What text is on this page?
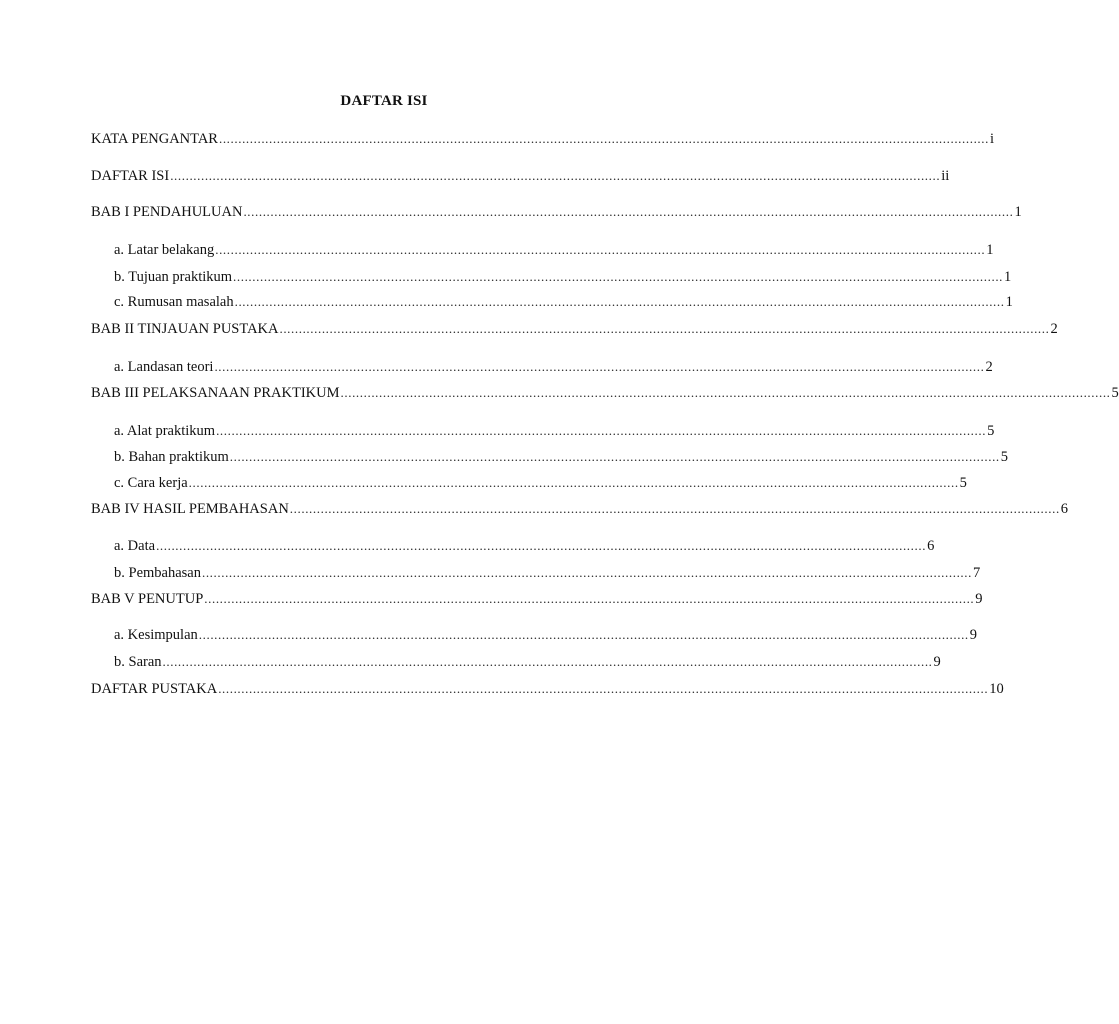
DAFTAR ISI
KATA PENGANTAR ........................................................................................................................................................................................................ i
DAFTAR ISI ........................................................................................................................................................................................................ ii
BAB I PENDAHULUAN ........................................................................................................................................................................................................ 1
a. Latar belakang ........................................................................................................................................................................................................ 1
b. Tujuan praktikum ........................................................................................................................................................................................................ 1
c. Rumusan masalah ........................................................................................................................................................................................................ 1
BAB II TINJAUAN PUSTAKA ........................................................................................................................................................................................................ 2
a. Landasan teori ........................................................................................................................................................................................................ 2
BAB III PELAKSANAAN PRAKTIKUM ........................................................................................................................................................................................................ 5
a. Alat praktikum ........................................................................................................................................................................................................ 5
b. Bahan praktikum ........................................................................................................................................................................................................ 5
c. Cara kerja ........................................................................................................................................................................................................ 5
BAB IV HASIL PEMBAHASAN ........................................................................................................................................................................................................ 6
a. Data ........................................................................................................................................................................................................ 6
b. Pembahasan ........................................................................................................................................................................................................ 7
BAB V PENUTUP ........................................................................................................................................................................................................ 9
a. Kesimpulan ........................................................................................................................................................................................................ 9
b. Saran ........................................................................................................................................................................................................ 9
DAFTAR PUSTAKA ........................................................................................................................................................................................................ 10
